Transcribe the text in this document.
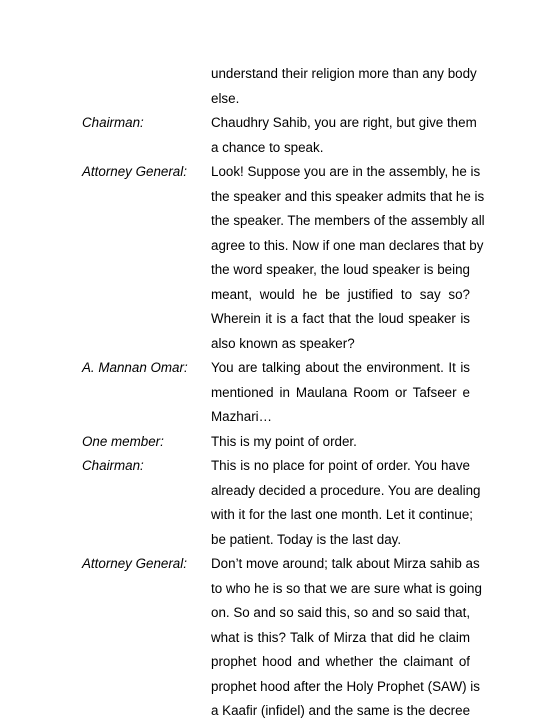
understand their religion more than any body
else.
Chairman:	Chaudhry Sahib, you are right, but give them
a chance to speak.
Attorney General:	Look! Suppose you are in the assembly, he is
the speaker and this speaker admits that he is
the speaker. The members of the assembly all
agree to this. Now if one man declares that by
the word speaker, the loud speaker is being
meant, would he be justified to say so?
Wherein it is a fact that the loud speaker is
also known as speaker?
A. Mannan Omar:	You are talking about the environment. It is
mentioned in Maulana Room or Tafseer e
Mazhari…
One member:	This is my point of order.
Chairman:	This is no place for point of order. You have
already decided a procedure. You are dealing
with it for the last one month. Let it continue;
be patient. Today is the last day.
Attorney General:	Don’t move around; talk about Mirza sahib as
to who he is so that we are sure what is going
on. So and so said this, so and so said that,
what is this? Talk of Mirza that did he claim
prophet hood and whether the claimant of
prophet hood after the Holy Prophet (SAW) is
a Kaafir (infidel) and the same is the decree
